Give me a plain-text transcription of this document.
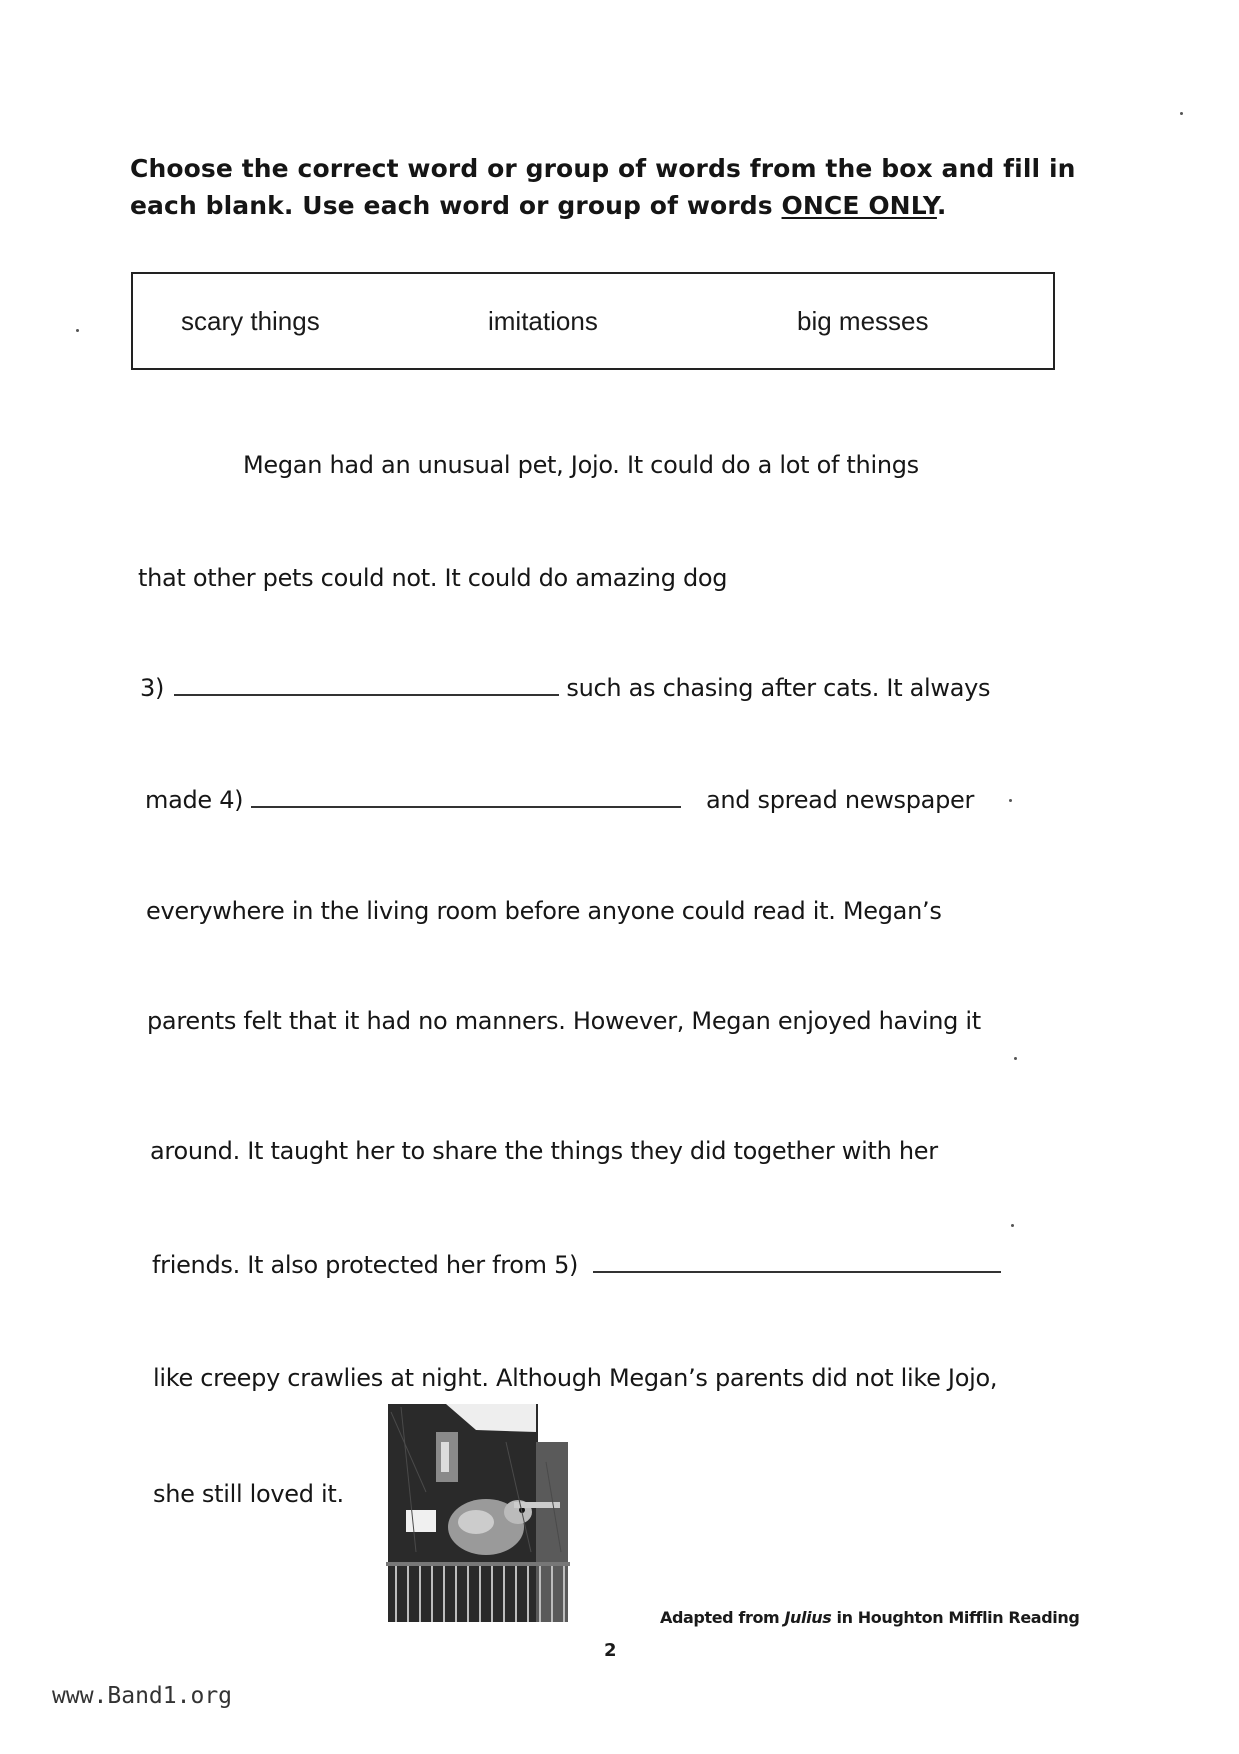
Choose the correct word or group of words from the box and fill in each blank. Use each word or group of words ONCE ONLY.
scary things	imitations	big messes
Megan had an unusual pet, Jojo. It could do a lot of things
that other pets could not. It could do amazing dog
3)	such as chasing after cats. It always
made 4)	and spread newspaper
everywhere in the living room before anyone could read it. Megan’s
parents felt that it had no manners. However, Megan enjoyed having it
around. It taught her to share the things they did together with her
friends. It also protected her from 5)
like creepy crawlies at night. Although Megan’s parents did not like Jojo,
she still loved it.
Adapted from Julius in Houghton Mifflin Reading
2
www.Band1.org
